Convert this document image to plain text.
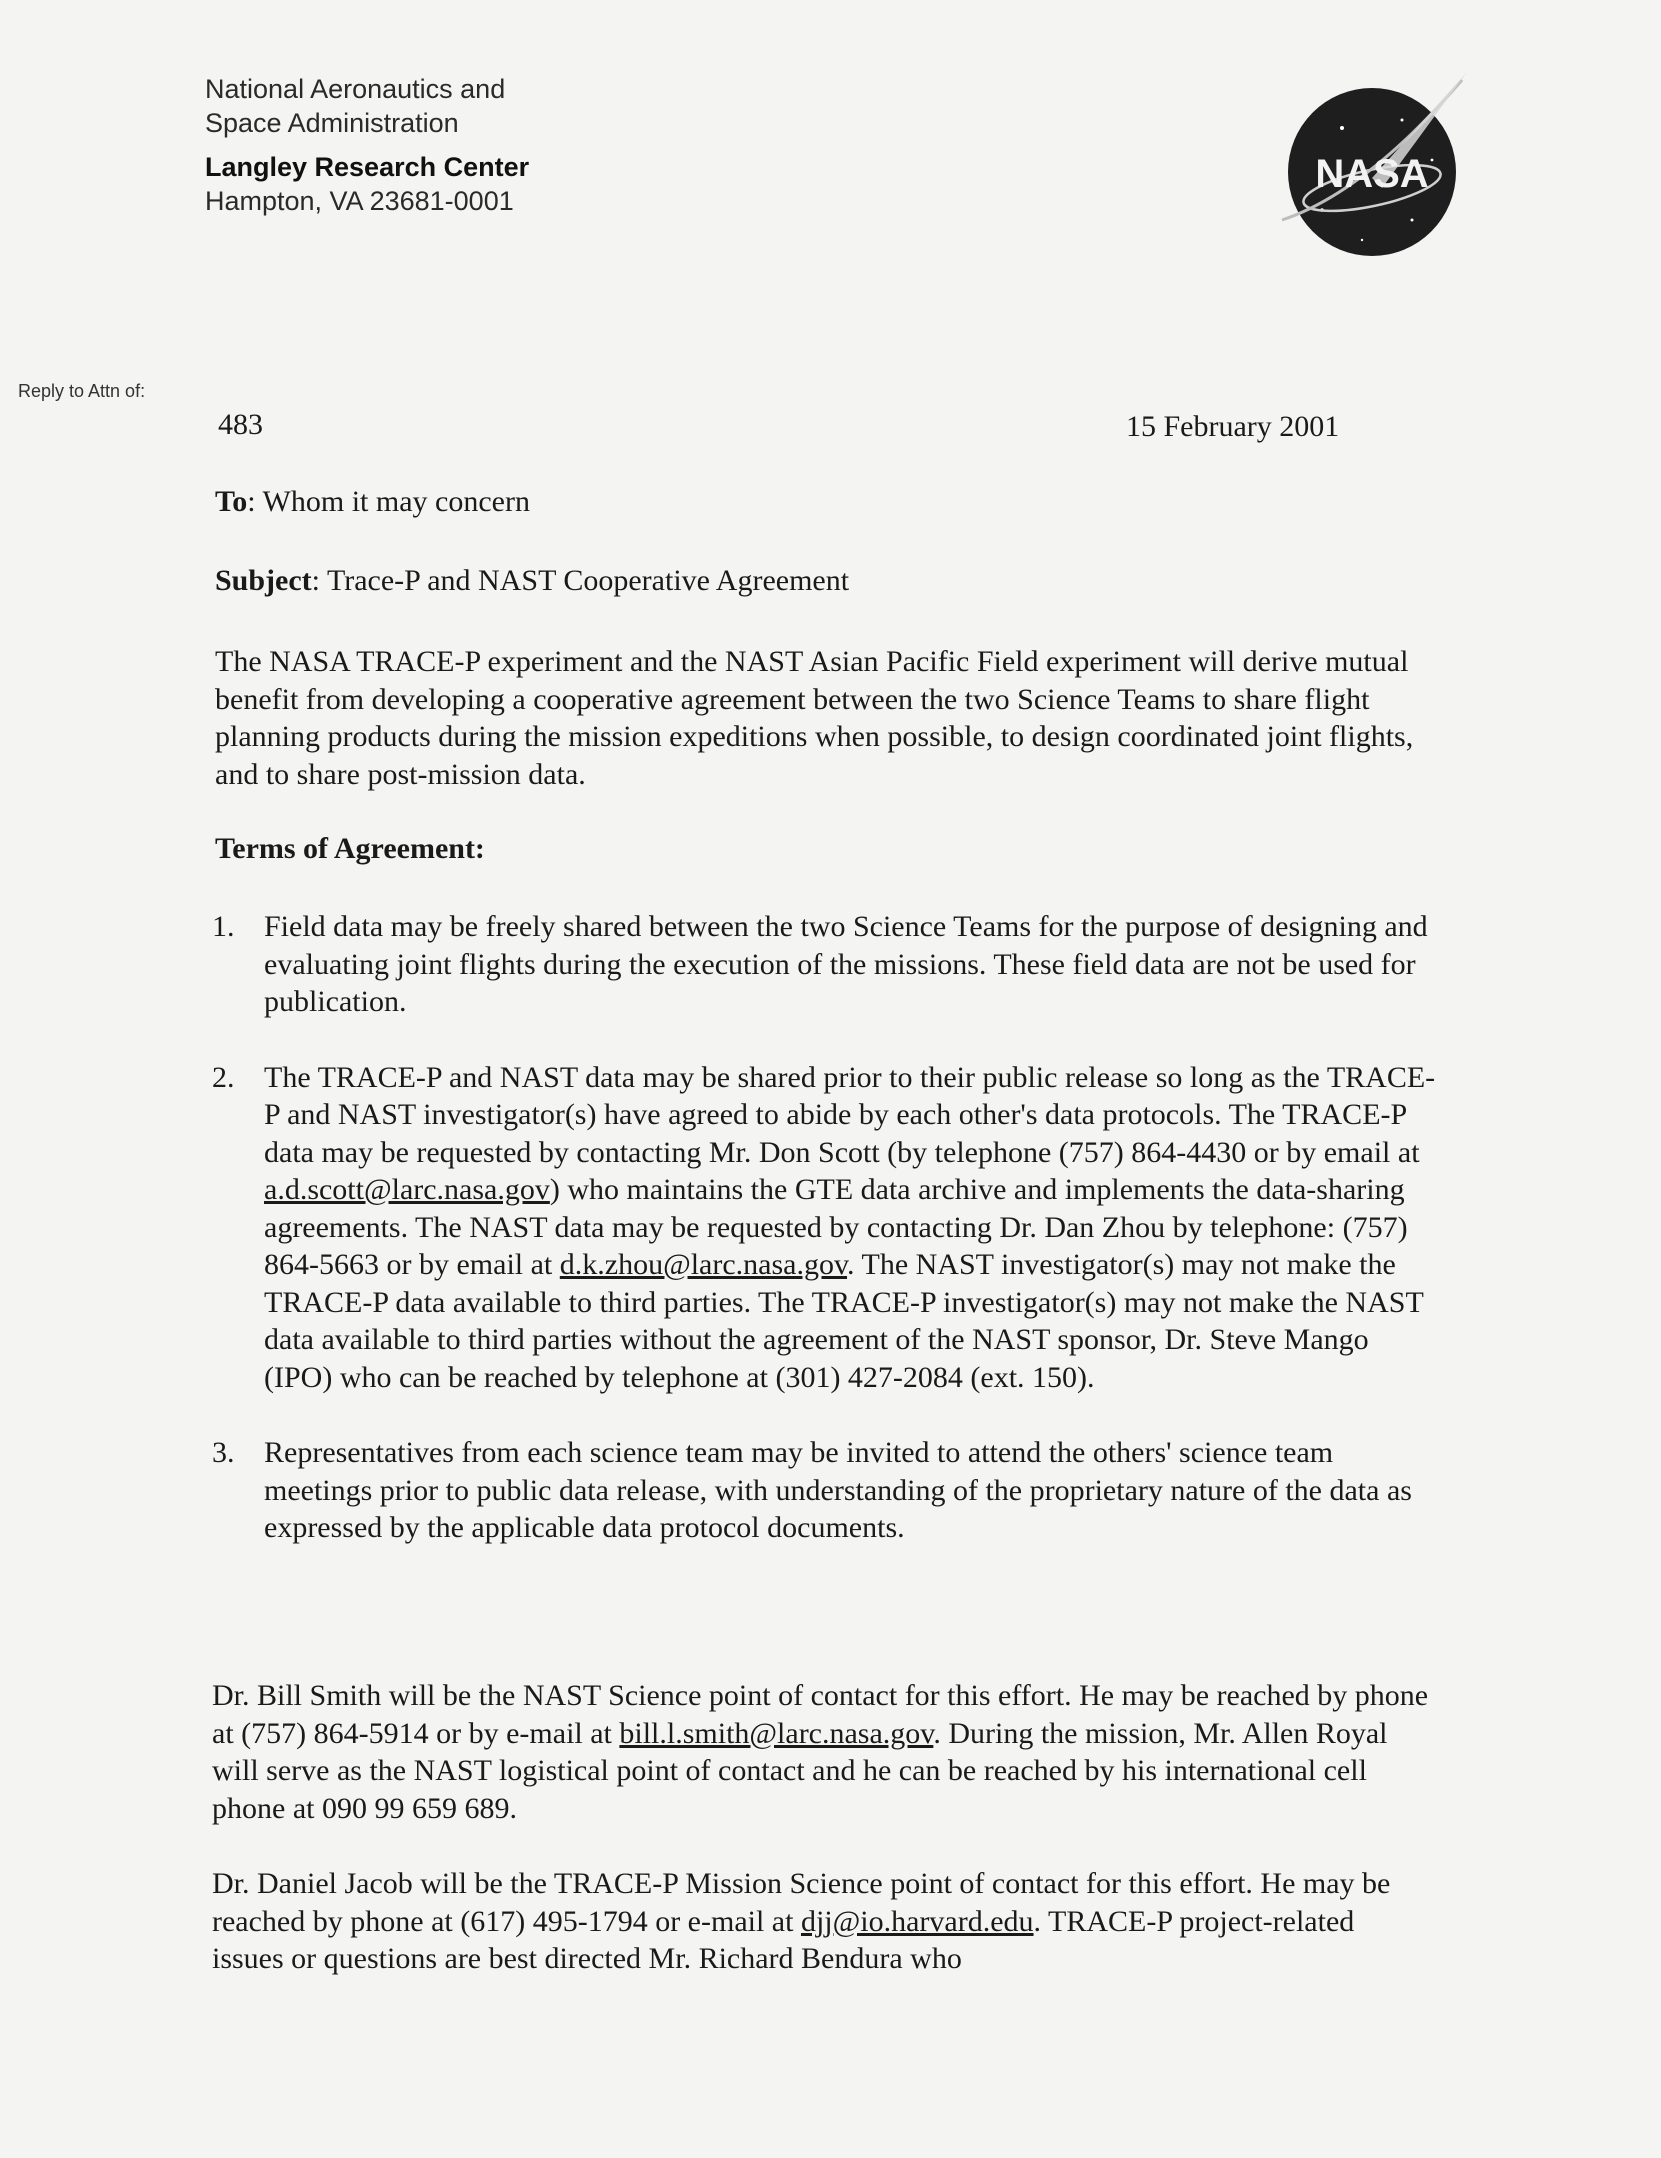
National Aeronautics and
Space Administration
Langley Research Center
Hampton, VA 23681-0001
NASA
Reply to Attn of:
483	15 February 2001
To: Whom it may concern
Subject: Trace-P and NAST Cooperative Agreement
The NASA TRACE-P experiment and the NAST Asian Pacific Field experiment will derive mutual benefit from developing a cooperative agreement between the two Science Teams to share flight planning products during the mission expeditions when possible, to design coordinated joint flights, and to share post-mission data.
Terms of Agreement:
1. Field data may be freely shared between the two Science Teams for the purpose of designing and evaluating joint flights during the execution of the missions. These field data are not be used for publication.
2. The TRACE-P and NAST data may be shared prior to their public release so long as the TRACE-P and NAST investigator(s) have agreed to abide by each other's data protocols. The TRACE-P data may be requested by contacting Mr. Don Scott (by telephone (757) 864-4430 or by email at a.d.scott@larc.nasa.gov) who maintains the GTE data archive and implements the data-sharing agreements. The NAST data may be requested by contacting Dr. Dan Zhou by telephone: (757) 864-5663 or by email at d.k.zhou@larc.nasa.gov. The NAST investigator(s) may not make the TRACE-P data available to third parties. The TRACE-P investigator(s) may not make the NAST data available to third parties without the agreement of the NAST sponsor, Dr. Steve Mango (IPO) who can be reached by telephone at (301) 427-2084 (ext. 150).
3. Representatives from each science team may be invited to attend the others' science team meetings prior to public data release, with understanding of the proprietary nature of the data as expressed by the applicable data protocol documents.
Dr. Bill Smith will be the NAST Science point of contact for this effort. He may be reached by phone at (757) 864-5914 or by e-mail at bill.l.smith@larc.nasa.gov. During the mission, Mr. Allen Royal will serve as the NAST logistical point of contact and he can be reached by his international cell phone at 090 99 659 689.
Dr. Daniel Jacob will be the TRACE-P Mission Science point of contact for this effort. He may be reached by phone at (617) 495-1794 or e-mail at djj@io.harvard.edu. TRACE-P project-related issues or questions are best directed Mr. Richard Bendura who
